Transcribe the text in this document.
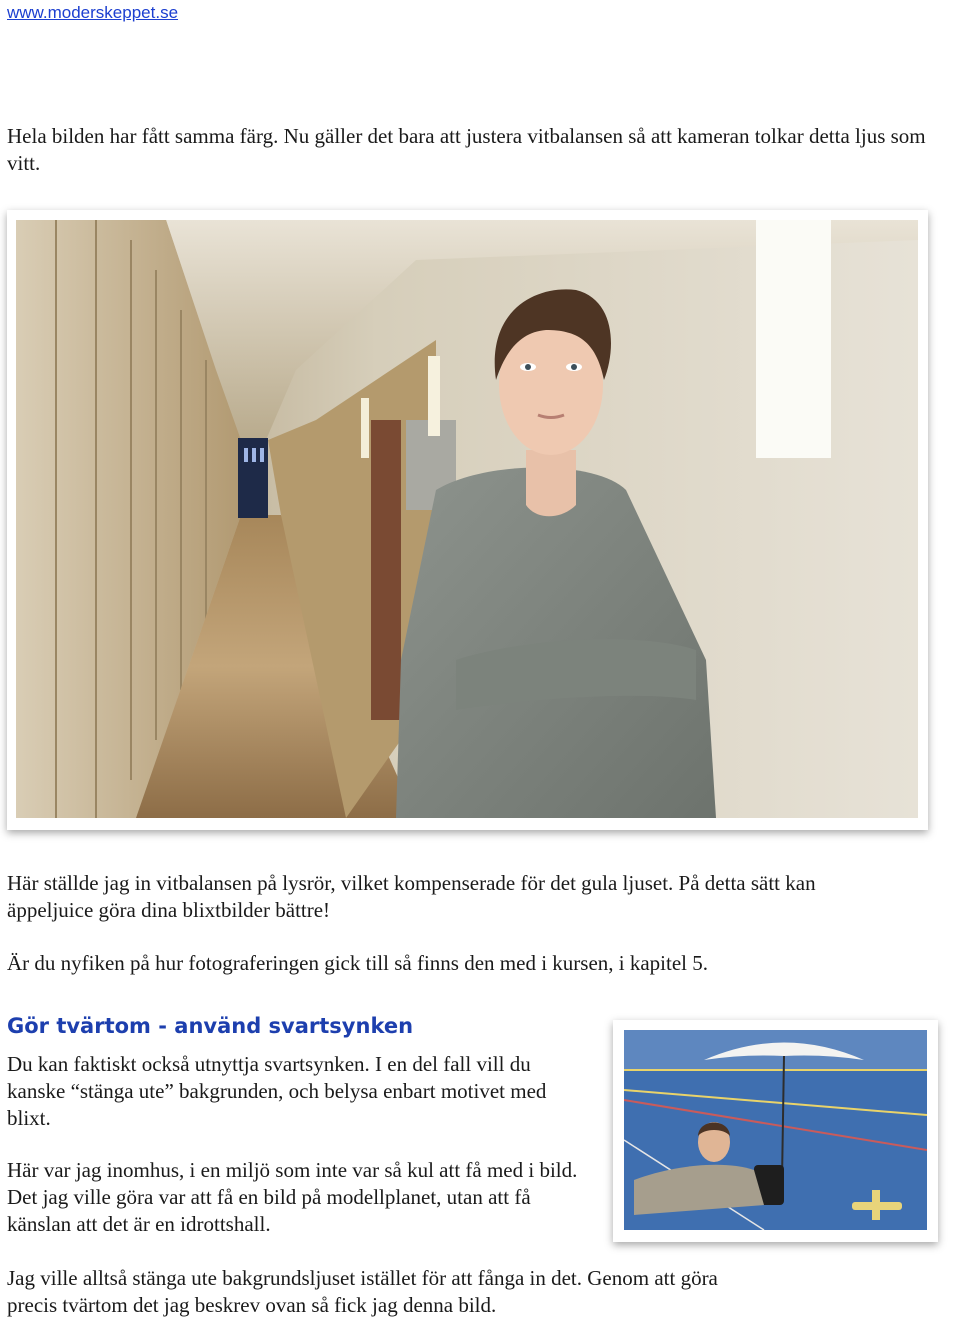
www.moderskeppet.se

Hela bilden har fått samma färg. Nu gäller det bara att justera vitbalansen så att kameran tolkar detta ljus som vitt.

Här ställde jag in vitbalansen på lysrör, vilket kompenserade för det gula ljuset. På detta sätt kan äppeljuice göra dina blixtbilder bättre!

Är du nyfiken på hur fotograferingen gick till så finns den med i kursen, i kapitel 5.

Gör tvärtom - använd svartsynken

Du kan faktiskt också utnyttja svartsynken. I en del fall vill du kanske “stänga ute” bakgrunden, och belysa enbart motivet med blixt.

Här var jag inomhus, i en miljö som inte var så kul att få med i bild. Det jag ville göra var att få en bild på modellplanet, utan att få känslan att det är en idrottshall.

Jag ville alltså stänga ute bakgrundsljuset istället för att fånga in det. Genom att göra precis tvärtom det jag beskrev ovan så fick jag denna bild.
